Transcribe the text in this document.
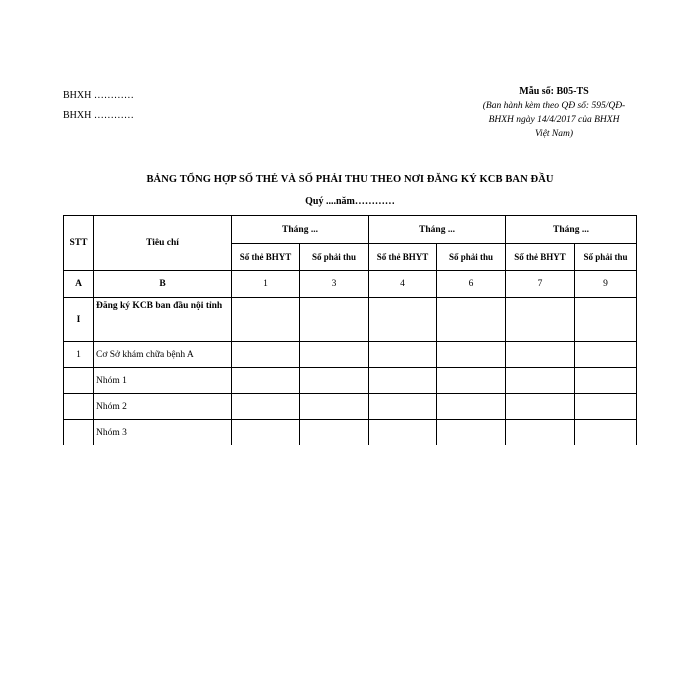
BHXH …………
BHXH …………
Mẫu số: B05-TS
(Ban hành kèm theo QĐ số: 595/QĐ-
BHXH ngày 14/4/2017 của BHXH
Việt Nam)
BẢNG TỔNG HỢP SỐ THẺ VÀ SỐ PHẢI THU THEO NƠI ĐĂNG KÝ KCB BAN ĐẦU
Quý ....năm…………
STT	Tiêu chí	Tháng ...		Tháng ...		Tháng ...	
		Số thẻ BHYT	Số phải thu	Số thẻ BHYT	Số phải thu	Số thẻ BHYT	Số phải thu
A	B	1	3	4	6	7	9
I	Đăng ký KCB ban đầu nội tỉnh						
1	Cơ Sở khám chữa bệnh A						
	Nhóm 1						
	Nhóm 2						
	Nhóm 3						
